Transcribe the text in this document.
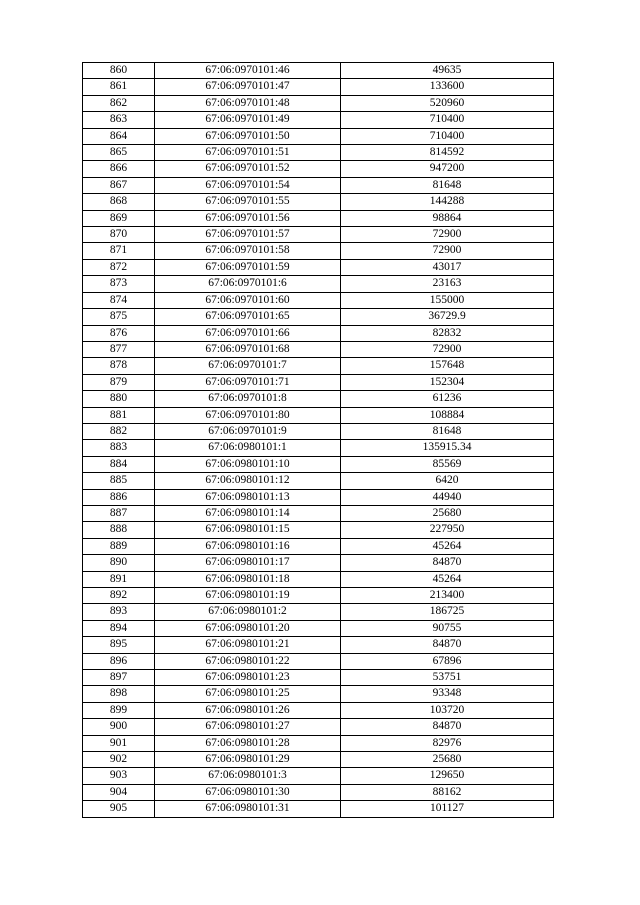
860	67:06:0970101:46	49635
861	67:06:0970101:47	133600
862	67:06:0970101:48	520960
863	67:06:0970101:49	710400
864	67:06:0970101:50	710400
865	67:06:0970101:51	814592
866	67:06:0970101:52	947200
867	67:06:0970101:54	81648
868	67:06:0970101:55	144288
869	67:06:0970101:56	98864
870	67:06:0970101:57	72900
871	67:06:0970101:58	72900
872	67:06:0970101:59	43017
873	67:06:0970101:6	23163
874	67:06:0970101:60	155000
875	67:06:0970101:65	36729.9
876	67:06:0970101:66	82832
877	67:06:0970101:68	72900
878	67:06:0970101:7	157648
879	67:06:0970101:71	152304
880	67:06:0970101:8	61236
881	67:06:0970101:80	108884
882	67:06:0970101:9	81648
883	67:06:0980101:1	135915.34
884	67:06:0980101:10	85569
885	67:06:0980101:12	6420
886	67:06:0980101:13	44940
887	67:06:0980101:14	25680
888	67:06:0980101:15	227950
889	67:06:0980101:16	45264
890	67:06:0980101:17	84870
891	67:06:0980101:18	45264
892	67:06:0980101:19	213400
893	67:06:0980101:2	186725
894	67:06:0980101:20	90755
895	67:06:0980101:21	84870
896	67:06:0980101:22	67896
897	67:06:0980101:23	53751
898	67:06:0980101:25	93348
899	67:06:0980101:26	103720
900	67:06:0980101:27	84870
901	67:06:0980101:28	82976
902	67:06:0980101:29	25680
903	67:06:0980101:3	129650
904	67:06:0980101:30	88162
905	67:06:0980101:31	101127
